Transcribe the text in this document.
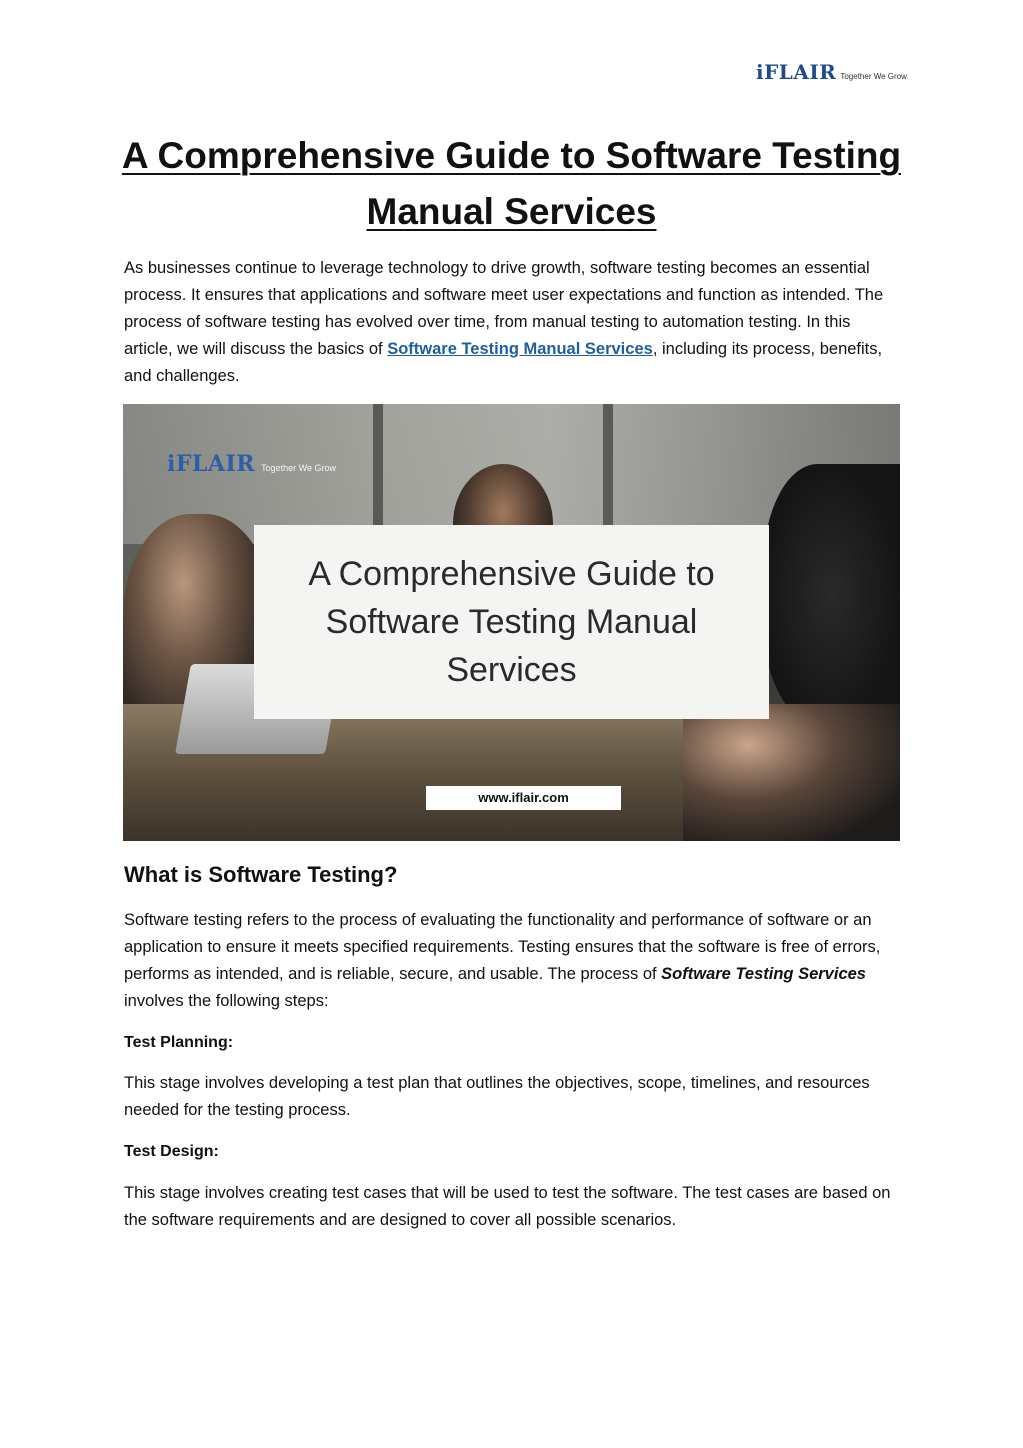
iFLAIR Together We Grow
A Comprehensive Guide to Software Testing Manual Services

As businesses continue to leverage technology to drive growth, software testing becomes an essential process. It ensures that applications and software meet user expectations and function as intended. The process of software testing has evolved over time, from manual testing to automation testing. In this article, we will discuss the basics of Software Testing Manual Services, including its process, benefits, and challenges.

iFLAIR Together We Grow
A Comprehensive Guide to Software Testing Manual Services
www.iflair.com
What is Software Testing?

Software testing refers to the process of evaluating the functionality and performance of software or an application to ensure it meets specified requirements. Testing ensures that the software is free of errors, performs as intended, and is reliable, secure, and usable. The process of Software Testing Services involves the following steps:

Test Planning:

This stage involves developing a test plan that outlines the objectives, scope, timelines, and resources needed for the testing process.

Test Design:

This stage involves creating test cases that will be used to test the software. The test cases are based on the software requirements and are designed to cover all possible scenarios.
